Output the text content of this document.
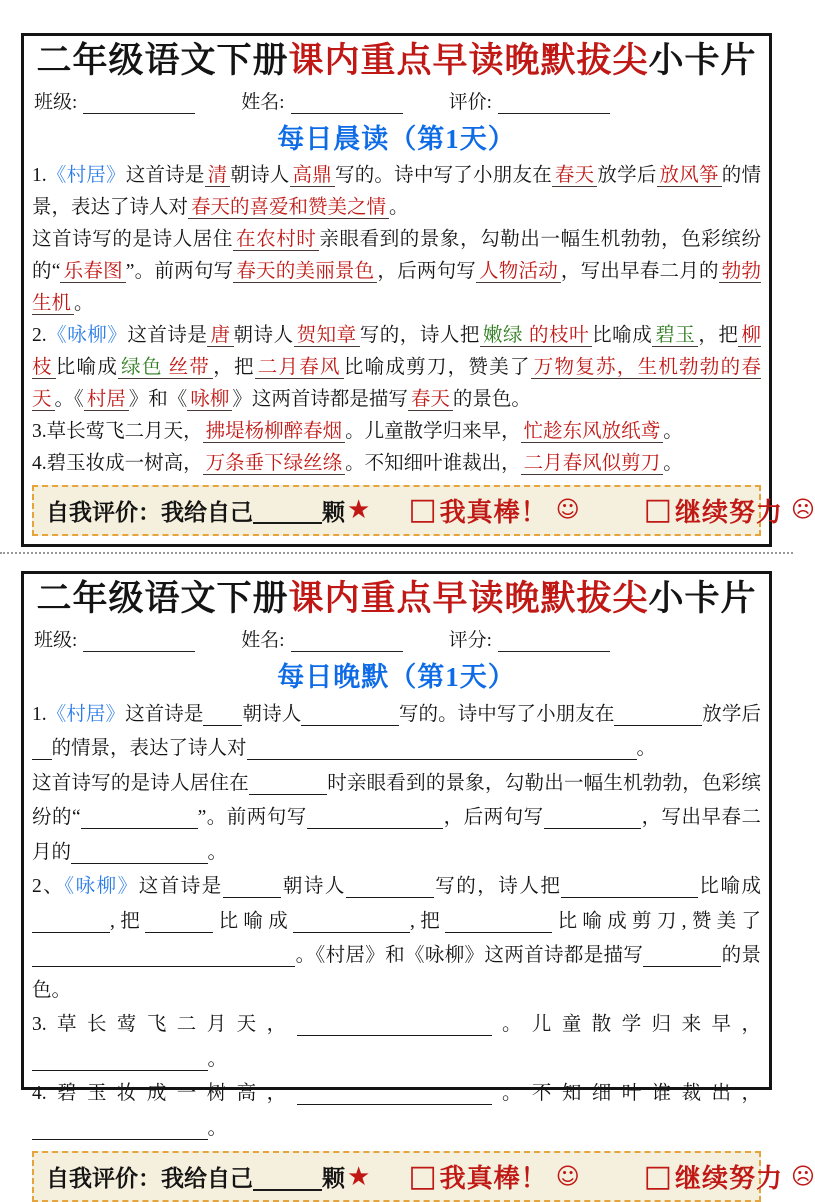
二年级语文下册课内重点早读晚默拔尖小卡片
班级:	姓名:	评价:
每日晨读（第1天）

1.《村居》这首诗是 清 朝诗人 高鼎 写的。诗中写了小朋友在 春天 放学后 放风筝 的情景，表达了诗人对 春天的喜爱和赞美之情 。

这首诗写的是诗人居住 在农村时 亲眼看到的景象，勾勒出一幅生机勃勃，色彩缤纷的“ 乐春图 ”。前两句写 春天的美丽景色 ，后两句写 人物活动 ，写出早春二月的 勃勃生机 。

2.《咏柳》这首诗是 唐 朝诗人 贺知章 写的，诗人把 嫩绿 的枝叶 比喻成 碧玉 ，把 柳枝 比喻成 绿色 丝带 ，把 二月春风 比喻成剪刀，赞美了 万物复苏，生机勃勃的春天 。《 村居 》和《 咏柳 》这两首诗都是描写 春天 的景色。

3.草长莺飞二月天， 拂堤杨柳醉春烟 。儿童散学归来早， 忙趁东风放纸鸢 。

4.碧玉妆成一树高， 万条垂下绿丝绦 。不知细叶谁裁出， 二月春风似剪刀 。

自我评价：我给自己	颗 ★ □ 我真棒！ ☺ □ 继续努力 ☹
二年级语文下册课内重点早读晚默拔尖小卡片
班级:	姓名:	评分:
每日晚默（第1天）

1.《村居》这首诗是 朝诗人	写的。诗中写了小朋友在	放学后的情景，表达了诗人对	。

这首诗写的是诗人居住在	时亲眼看到的景象，勾勒出一幅生机勃勃，色彩缤纷的“	”。前两句写	，后两句写	，写出早春二月的	。

2、《咏柳》这首诗是	朝诗人	写的，诗人把	比喻成,把	比喻成	,把	比喻成剪刀,赞美了。《村居》和《咏柳》这两首诗都是描写	的景色。

3.草长莺飞二月天，	。儿童散学归来早，。

4.碧玉妆成一树高，	。不知细叶谁裁出，。

自我评价：我给自己	颗 ★ □ 我真棒！ ☺ □ 继续努力 ☹
